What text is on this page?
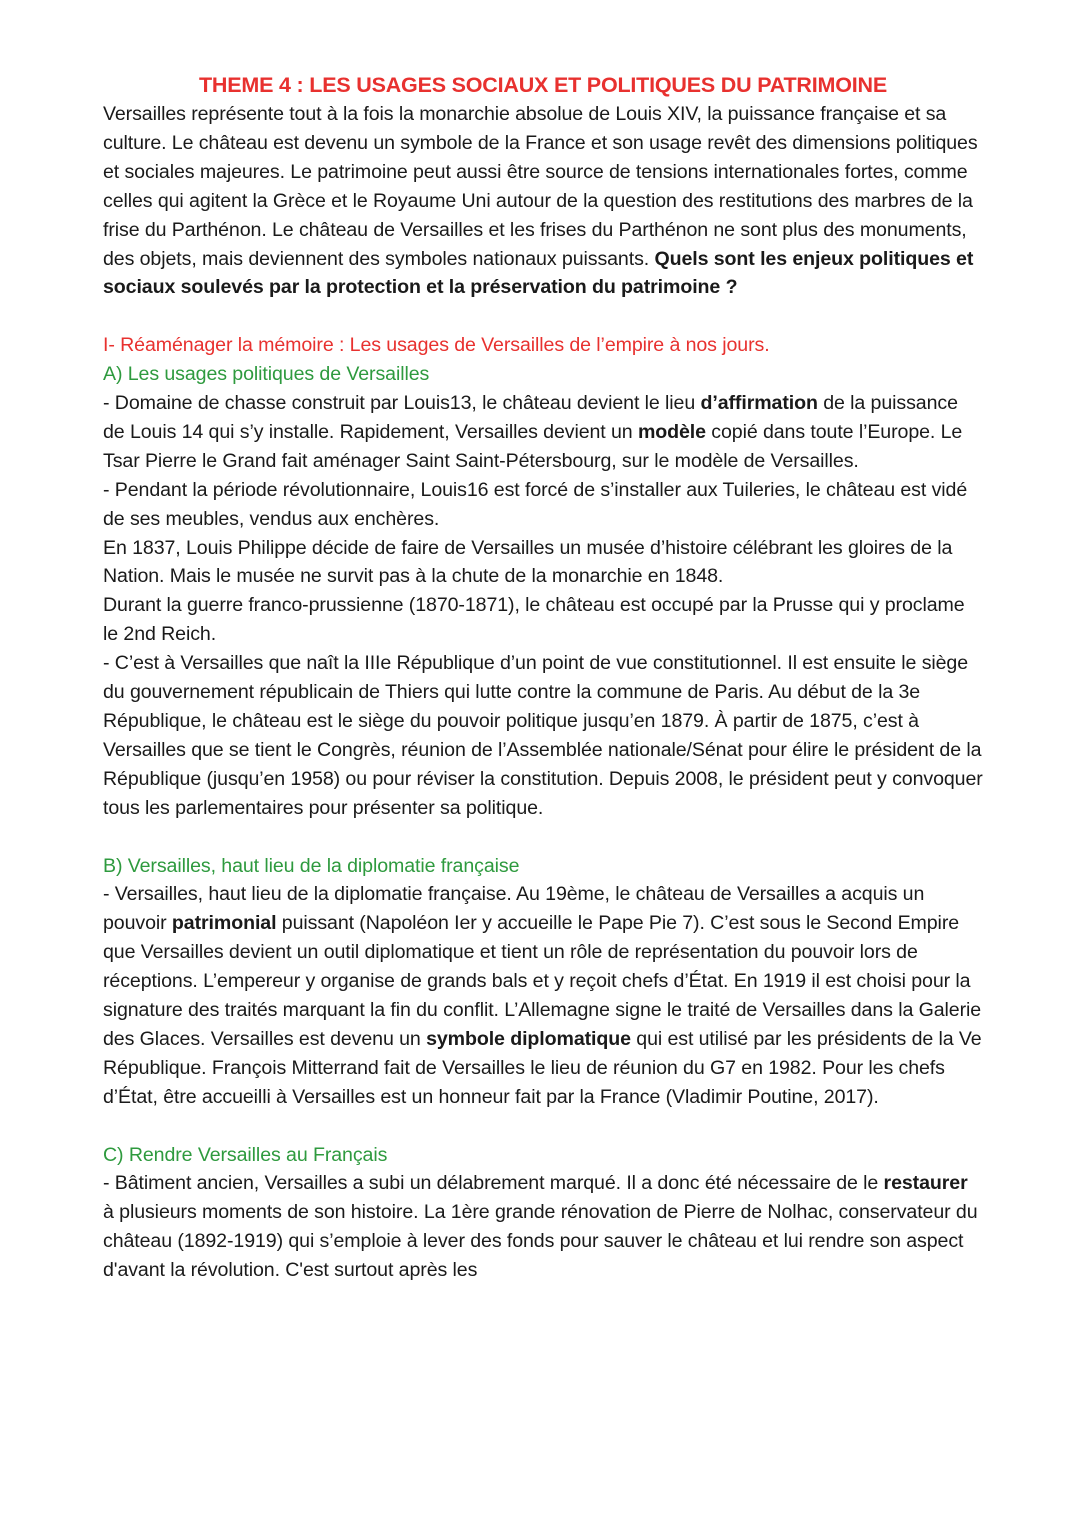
THEME 4 : LES USAGES SOCIAUX ET POLITIQUES DU PATRIMOINE

Versailles représente tout à la fois la monarchie absolue de Louis XIV, la puissance française et sa culture. Le château est devenu un symbole de la France et son usage revêt des dimensions politiques et sociales majeures. Le patrimoine peut aussi être source de tensions internationales fortes, comme celles qui agitent la Grèce et le Royaume Uni autour de la question des restitutions des marbres de la frise du Parthénon. Le château de Versailles et les frises du Parthénon ne sont plus des monuments, des objets, mais deviennent des symboles nationaux puissants. Quels sont les enjeux politiques et sociaux soulevés par la protection et la préservation du patrimoine ?

I- Réaménager la mémoire : Les usages de Versailles de l’empire à nos jours.

A) Les usages politiques de Versailles

- Domaine de chasse construit par Louis13, le château devient le lieu d’affirmation de la puissance de Louis 14 qui s’y installe. Rapidement, Versailles devient un modèle copié dans toute l’Europe. Le Tsar Pierre le Grand fait aménager Saint Saint-Pétersbourg, sur le modèle de Versailles.

- Pendant la période révolutionnaire, Louis16 est forcé de s’installer aux Tuileries, le château est vidé de ses meubles, vendus aux enchères.

En 1837, Louis Philippe décide de faire de Versailles un musée d’histoire célébrant les gloires de la Nation. Mais le musée ne survit pas à la chute de la monarchie en 1848.

Durant la guerre franco-prussienne (1870-1871), le château est occupé par la Prusse qui y proclame le 2nd Reich.

- C’est à Versailles que naît la IIIe République d’un point de vue constitutionnel. Il est ensuite le siège du gouvernement républicain de Thiers qui lutte contre la commune de Paris. Au début de la 3e République, le château est le siège du pouvoir politique jusqu’en 1879. À partir de 1875, c’est à Versailles que se tient le Congrès, réunion de l’Assemblée nationale/Sénat pour élire le président de la République (jusqu’en 1958) ou pour réviser la constitution. Depuis 2008, le président peut y convoquer tous les parlementaires pour présenter sa politique.

B) Versailles, haut lieu de la diplomatie française

- Versailles, haut lieu de la diplomatie française. Au 19ème, le château de Versailles a acquis un pouvoir patrimonial puissant (Napoléon Ier y accueille le Pape Pie 7). C’est sous le Second Empire que Versailles devient un outil diplomatique et tient un rôle de représentation du pouvoir lors de réceptions. L’empereur y organise de grands bals et y reçoit chefs d’État. En 1919 il est choisi pour la signature des traités marquant la fin du conflit. L’Allemagne signe le traité de Versailles dans la Galerie des Glaces. Versailles est devenu un symbole diplomatique qui est utilisé par les présidents de la Ve République. François Mitterrand fait de Versailles le lieu de réunion du G7 en 1982. Pour les chefs d’État, être accueilli à Versailles est un honneur fait par la France (Vladimir Poutine, 2017).

C) Rendre Versailles au Français

- Bâtiment ancien, Versailles a subi un délabrement marqué. Il a donc été nécessaire de le restaurer à plusieurs moments de son histoire. La 1ère grande rénovation de Pierre de Nolhac, conservateur du château (1892-1919) qui s’emploie à lever des fonds pour sauver le château et lui rendre son aspect d'avant la révolution. C'est surtout après les
